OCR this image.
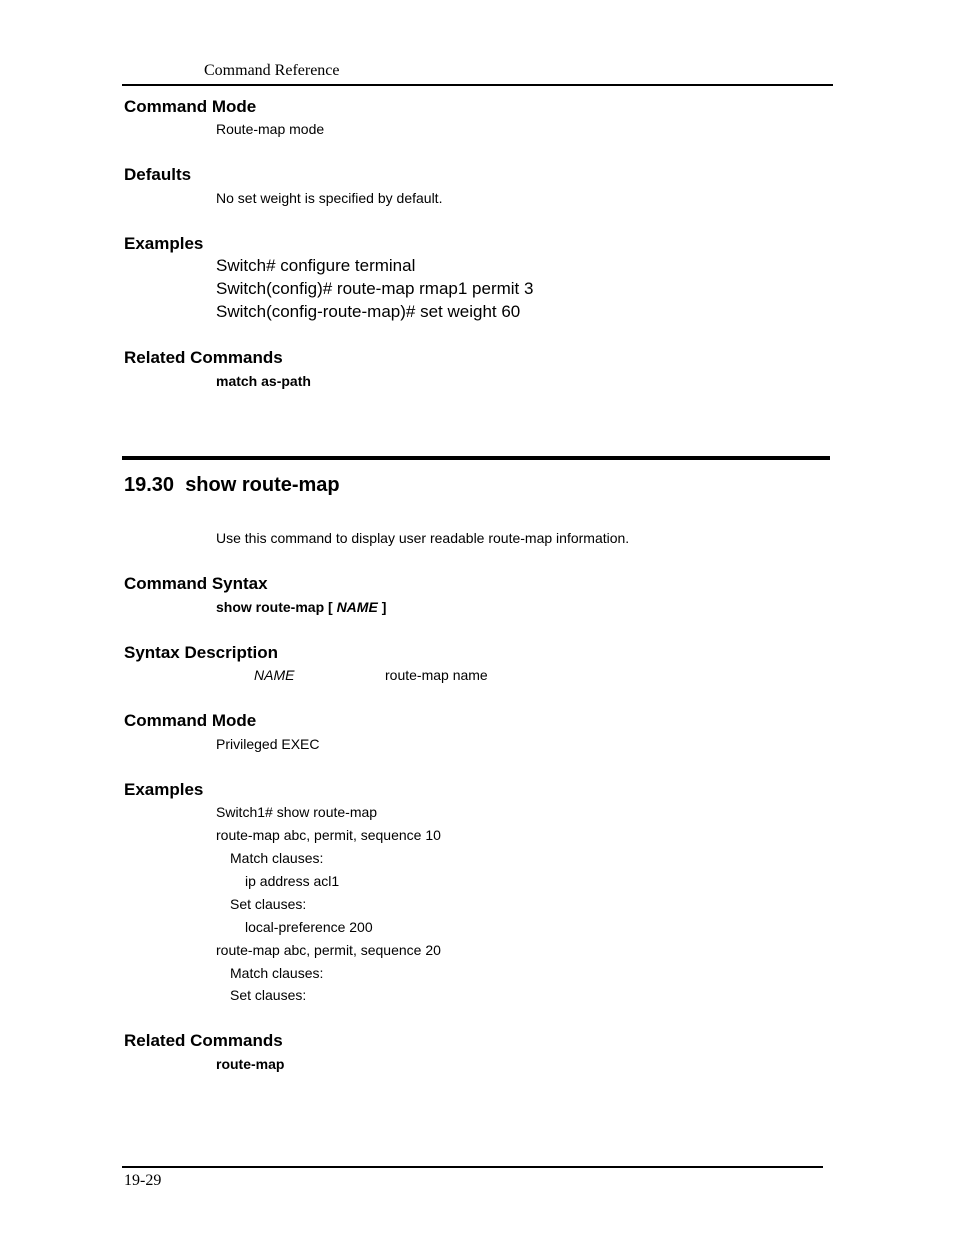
Command Reference
Command Mode
Route-map mode
Defaults
No set weight is specified by default.
Examples
Switch# configure terminal
Switch(config)# route-map rmap1 permit 3
Switch(config-route-map)# set weight 60
Related Commands
match as-path
19.30 show route-map
Use this command to display user readable route-map information.
Command Syntax
show route-map [ NAME ]
Syntax Description
NAME	route-map name
Command Mode
Privileged EXEC
Examples
Switch1# show route-map
route-map abc, permit, sequence 10
Match clauses:
ip address acl1
Set clauses:
local-preference 200
route-map abc, permit, sequence 20
Match clauses:
Set clauses:
Related Commands
route-map
19-29
